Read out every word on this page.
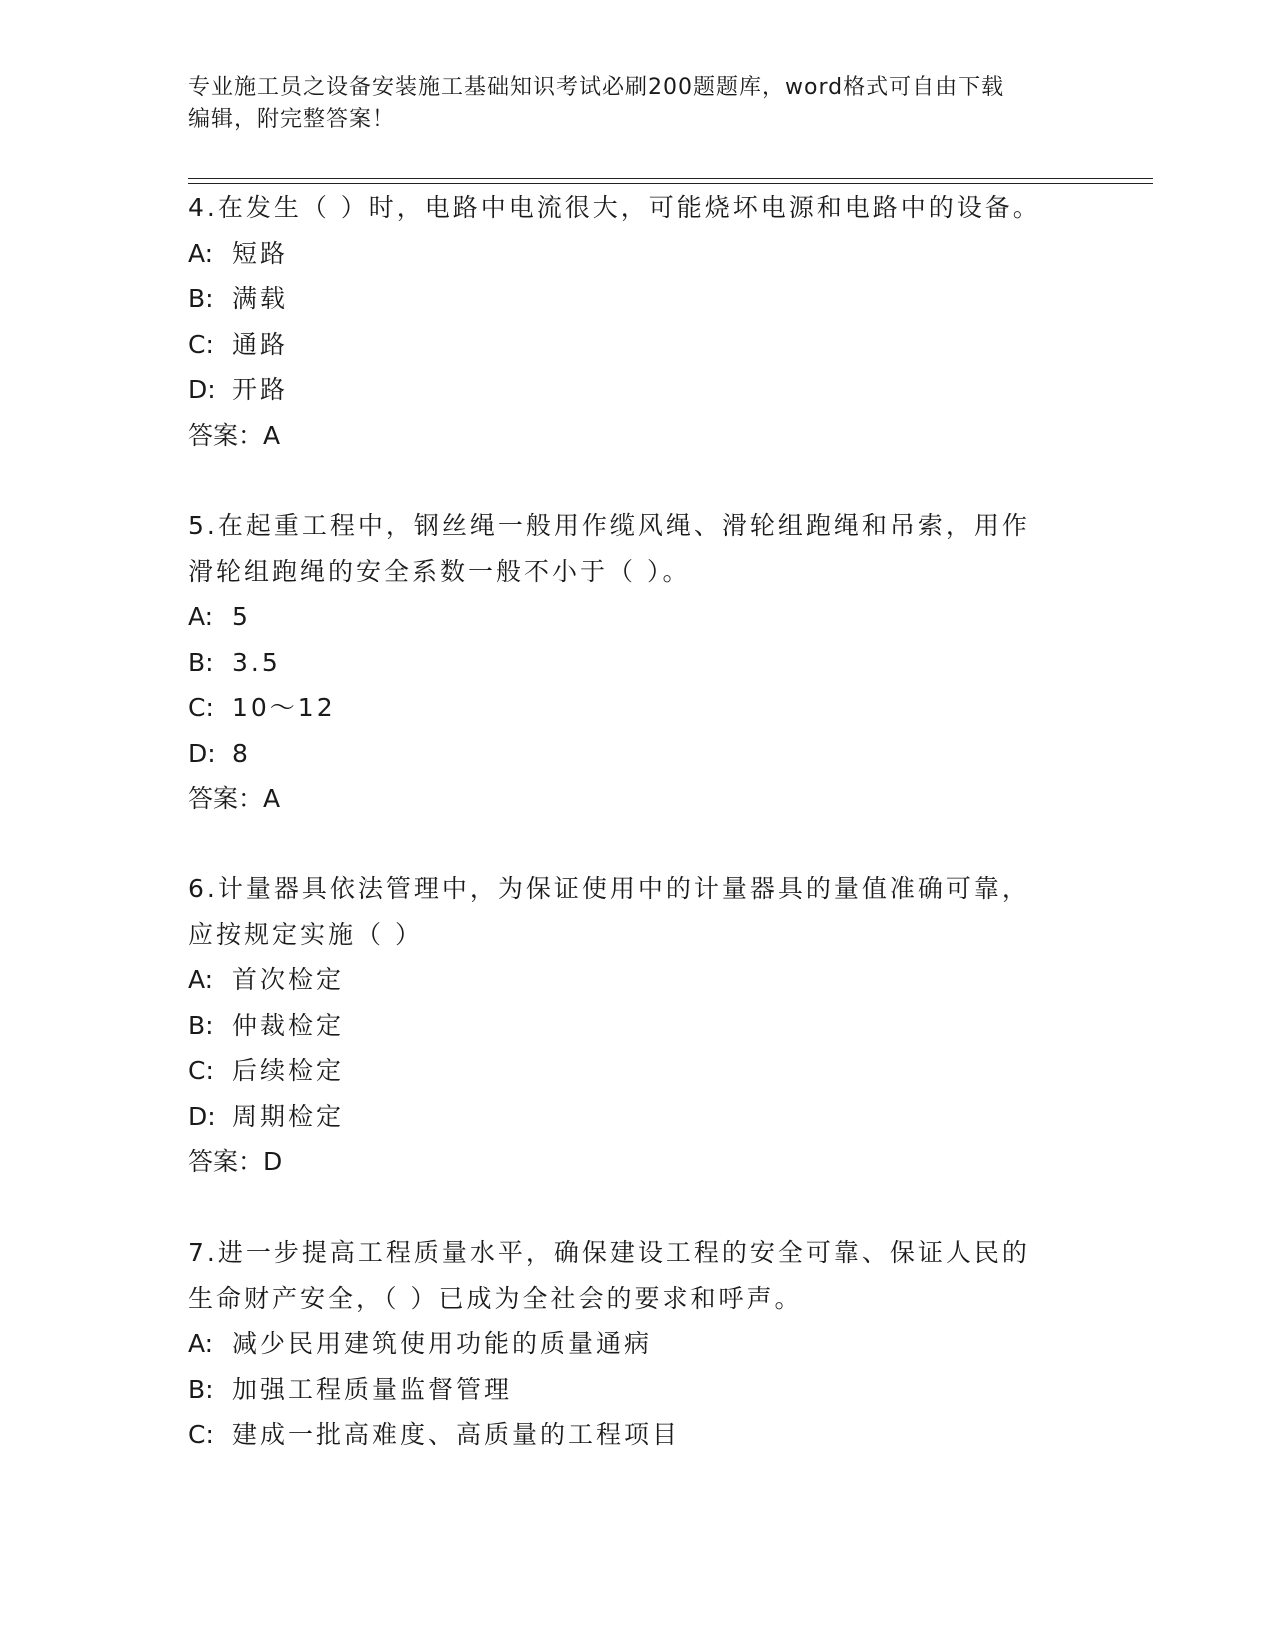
专业施工员之设备安装施工基础知识考试必刷200题题库，word格式可自由下载
编辑，附完整答案！
4.在发生（ ）时，电路中电流很大，可能烧坏电源和电路中的设备。
A: 短路
B: 满载
C: 通路
D: 开路
答案：A
5.在起重工程中，钢丝绳一般用作缆风绳、滑轮组跑绳和吊索，用作
滑轮组跑绳的安全系数一般不小于（ ）。
A: 5
B: 3.5
C: 10～12
D: 8
答案：A
6.计量器具依法管理中，为保证使用中的计量器具的量值准确可靠，
应按规定实施（ ）
A: 首次检定
B: 仲裁检定
C: 后续检定
D: 周期检定
答案：D
7.进一步提高工程质量水平，确保建设工程的安全可靠、保证人民的
生命财产安全，（ ）已成为全社会的要求和呼声。
A: 减少民用建筑使用功能的质量通病
B: 加强工程质量监督管理
C: 建成一批高难度、高质量的工程项目
